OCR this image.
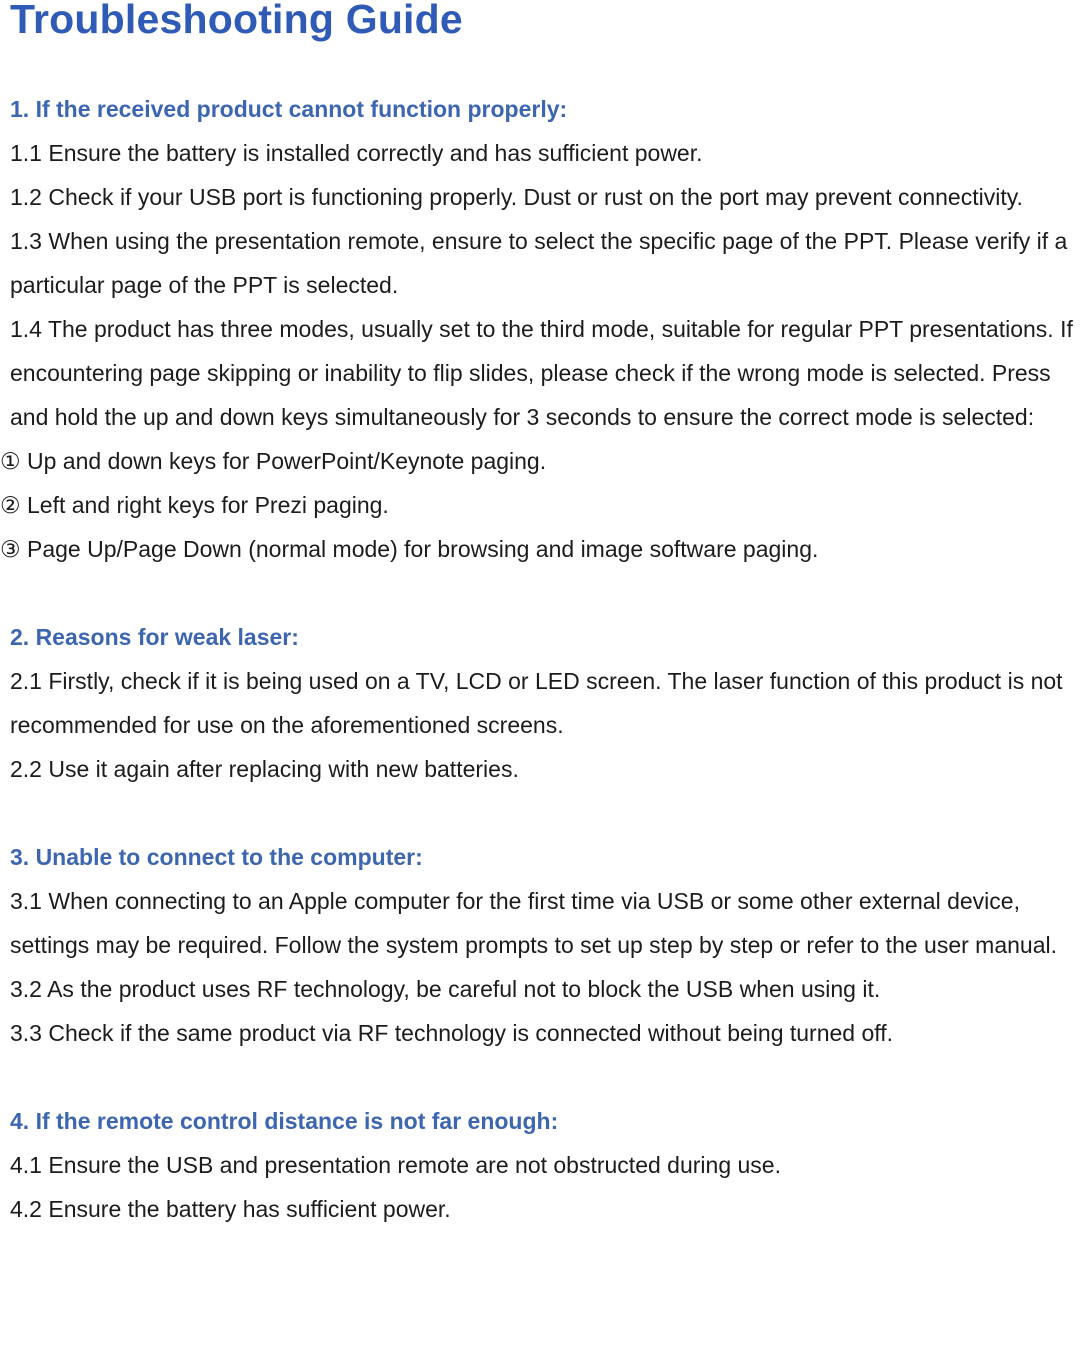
Troubleshooting Guide
1. If the received product cannot function properly:

1.1 Ensure the battery is installed correctly and has sufficient power.

1.2 Check if your USB port is functioning properly. Dust or rust on the port may prevent connectivity.

1.3 When using the presentation remote, ensure to select the specific page of the PPT. Please verify if a particular page of the PPT is selected.

1.4 The product has three modes, usually set to the third mode, suitable for regular PPT presentations. If encountering page skipping or inability to flip slides, please check if the wrong mode is selected. Press and hold the up and down keys simultaneously for 3 seconds to ensure the correct mode is selected:

① Up and down keys for PowerPoint/Keynote paging.

② Left and right keys for Prezi paging.

③ Page Up/Page Down (normal mode) for browsing and image software paging.

2. Reasons for weak laser:

2.1 Firstly, check if it is being used on a TV, LCD or LED screen. The laser function of this product is not recommended for use on the aforementioned screens.

2.2 Use it again after replacing with new batteries.

3. Unable to connect to the computer:

3.1 When connecting to an Apple computer for the first time via USB or some other external device, settings may be required. Follow the system prompts to set up step by step or refer to the user manual.

3.2 As the product uses RF technology, be careful not to block the USB when using it.

3.3 Check if the same product via RF technology is connected without being turned off.

4. If the remote control distance is not far enough:

4.1 Ensure the USB and presentation remote are not obstructed during use.

4.2 Ensure the battery has sufficient power.
